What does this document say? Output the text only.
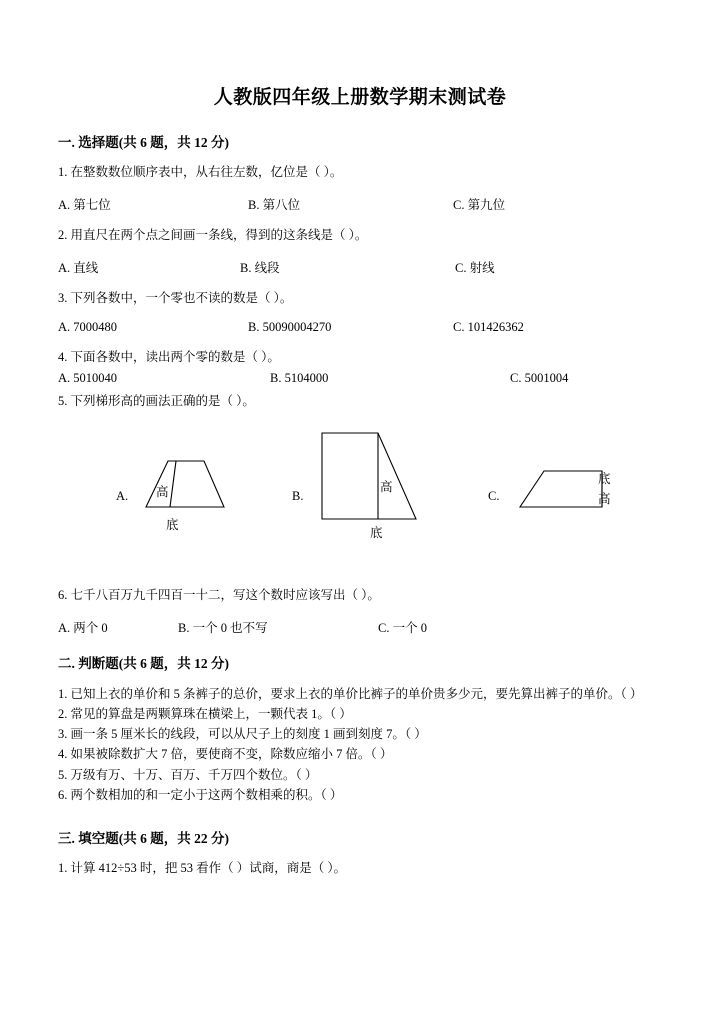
人教版四年级上册数学期末测试卷
一. 选择题(共 6 题，共 12 分)
1. 在整数数位顺序表中，从右往左数，亿位是（ ）。
A. 第七位	B. 第八位	C. 第九位
2. 用直尺在两个点之间画一条线，得到的这条线是（ ）。
A. 直线	B. 线段	C. 射线
3. 下列各数中，一个零也不读的数是（ ）。
A. 7000480	B. 50090004270	C. 101426362
4. 下面各数中，读出两个零的数是（ ）。
A. 5010040	B. 5104000	C. 5001004
5. 下列梯形高的画法正确的是（ ）。
A. 高
底
B.
高
底
C.
底
高
6. 七千八百万九千四百一十二，写这个数时应该写出（ ）。
A. 两个 0	B. 一个 0 也不写	C. 一个 0
二. 判断题(共 6 题，共 12 分)
1. 已知上衣的单价和 5 条裤子的总价，要求上衣的单价比裤子的单价贵多少元，要先算出裤子的单价。（ ）
2. 常见的算盘是两颗算珠在横梁上，一颗代表 1。（ ）
3. 画一条 5 厘米长的线段，可以从尺子上的刻度 1 画到刻度 7。（ ）
4. 如果被除数扩大 7 倍，要使商不变，除数应缩小 7 倍。（ ）
5. 万级有万、十万、百万、千万四个数位。（ ）
6. 两个数相加的和一定小于这两个数相乘的积。（ ）
三. 填空题(共 6 题，共 22 分)
1. 计算 412÷53 时，把 53 看作（ ）试商，商是（ ）。
